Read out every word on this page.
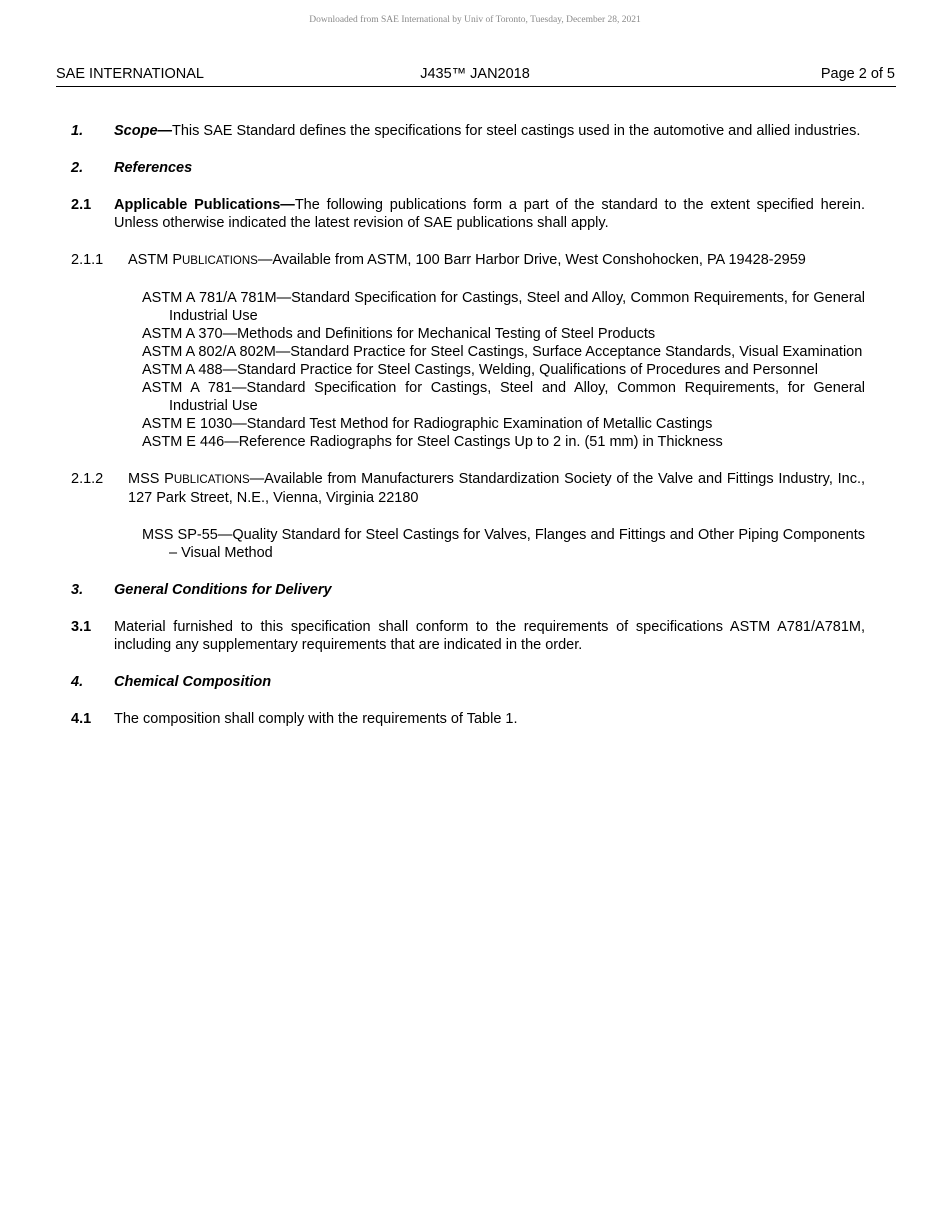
Downloaded from SAE International by Univ of Toronto, Tuesday, December 28, 2021
SAE INTERNATIONAL	J435™ JAN2018	Page 2 of 5
1. Scope—This SAE Standard defines the specifications for steel castings used in the automotive and allied industries.
2. References
2.1 Applicable Publications—The following publications form a part of the standard to the extent specified herein. Unless otherwise indicated the latest revision of SAE publications shall apply.
2.1.1 ASTM PUBLICATIONS—Available from ASTM, 100 Barr Harbor Drive, West Conshohocken, PA 19428-2959
ASTM A 781/A 781M—Standard Specification for Castings, Steel and Alloy, Common Requirements, for General Industrial Use
ASTM A 370—Methods and Definitions for Mechanical Testing of Steel Products
ASTM A 802/A 802M—Standard Practice for Steel Castings, Surface Acceptance Standards, Visual Examination
ASTM A 488—Standard Practice for Steel Castings, Welding, Qualifications of Procedures and Personnel
ASTM A 781—Standard Specification for Castings, Steel and Alloy, Common Requirements, for General Industrial Use
ASTM E 1030—Standard Test Method for Radiographic Examination of Metallic Castings
ASTM E 446—Reference Radiographs for Steel Castings Up to 2 in. (51 mm) in Thickness
2.1.2 MSS PUBLICATIONS—Available from Manufacturers Standardization Society of the Valve and Fittings Industry, Inc., 127 Park Street, N.E., Vienna, Virginia 22180
MSS SP-55—Quality Standard for Steel Castings for Valves, Flanges and Fittings and Other Piping Components – Visual Method
3. General Conditions for Delivery
3.1 Material furnished to this specification shall conform to the requirements of specifications ASTM A781/A781M, including any supplementary requirements that are indicated in the order.
4. Chemical Composition
4.1 The composition shall comply with the requirements of Table 1.
